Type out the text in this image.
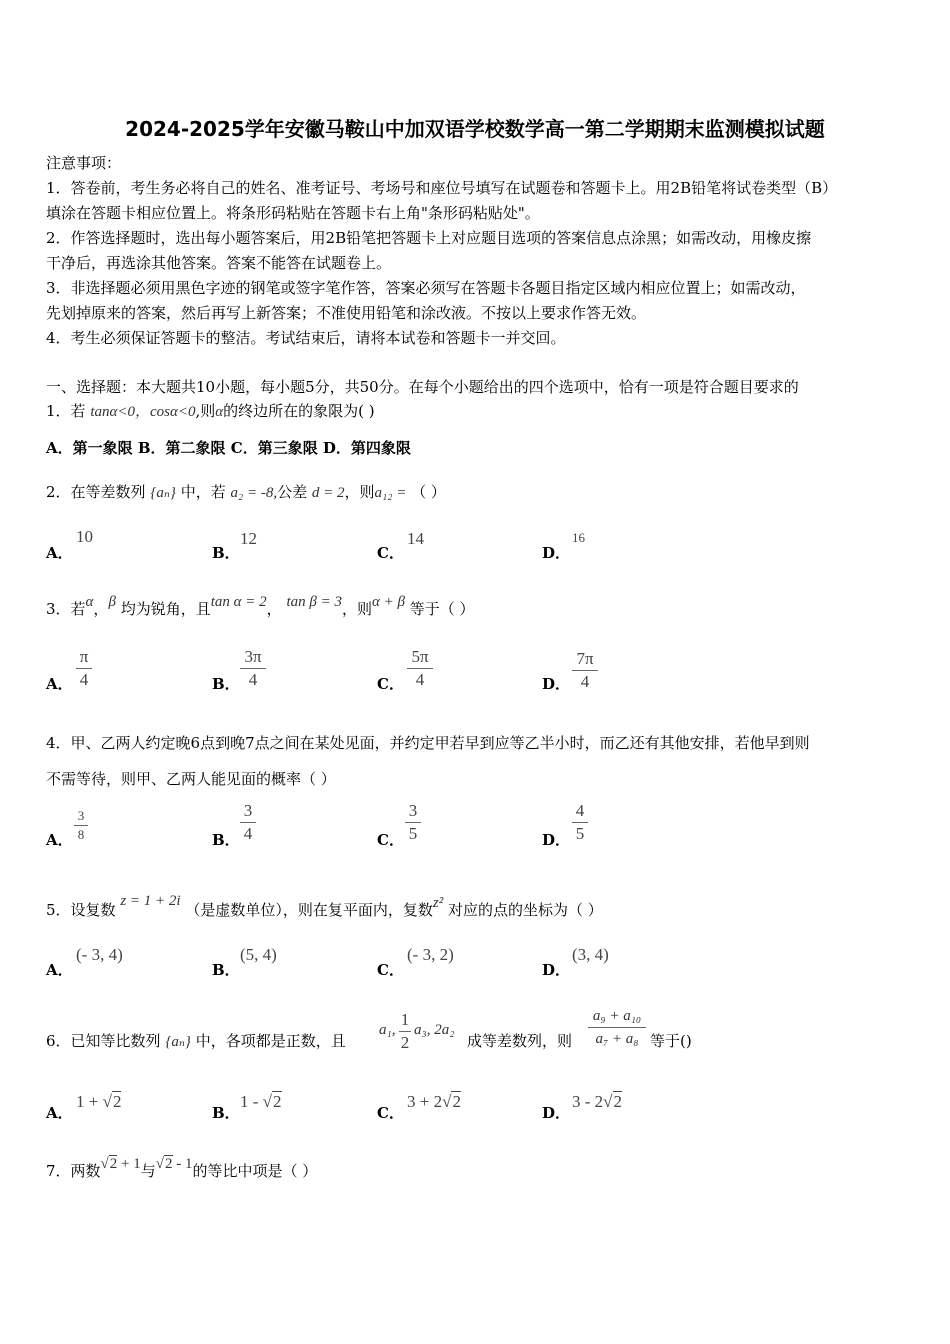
2024-2025学年安徽马鞍山中加双语学校数学高一第二学期期末监测模拟试题
注意事项：
1．答卷前，考生务必将自己的姓名、准考证号、考场号和座位号填写在试题卷和答题卡上。用2B铅笔将试卷类型（B）
填涂在答题卡相应位置上。将条形码粘贴在答题卡右上角"条形码粘贴处"。
2．作答选择题时，选出每小题答案后，用2B铅笔把答题卡上对应题目选项的答案信息点涂黑；如需改动，用橡皮擦
干净后，再选涂其他答案。答案不能答在试题卷上。
3．非选择题必须用黑色字迹的钢笔或签字笔作答，答案必须写在答题卡各题目指定区域内相应位置上；如需改动，
先划掉原来的答案，然后再写上新答案；不准使用铅笔和涂改液。不按以上要求作答无效。
4．考生必须保证答题卡的整洁。考试结束后，请将本试卷和答题卡一并交回。
一、选择题：本大题共10小题，每小题5分，共50分。在每个小题给出的四个选项中，恰有一项是符合题目要求的
1．若 tanα<0，cosα<0,则α的终边所在的象限为( )
A．第一象限 B．第二象限 C．第三象限 D．第四象限
2．在等差数列 {aₙ} 中，若 a₂ = -8,公差 d = 2，则a₁₂ = （ ）
A．
10
B．
12
C．
14
D．
16
3．若α，β 均为锐角，且tan α = 2， tan β = 3，则α + β 等于（ ）
A．
π
4	B．
3π
4	C．
5π
4	D．
7π
4
4．甲、乙两人约定晚6点到晚7点之间在某处见面，并约定甲若早到应等乙半小时，而乙还有其他安排，若他早到则
不需等待，则甲、乙两人能见面的概率（ ）
A．
3
8	B．
3
4	C．
3
5	D．
4
5
5．设复数 z = 1 + 2i （是虚数单位），则在复平面内，复数z² 对应的点的坐标为（ ）
A．
(- 3, 4)
B．
(5, 4)
C．
(- 3, 2)
D．
(3, 4)
6．已知等比数列 {aₙ} 中，各项都是正数，且
a₁,
1
2
a₃, 2a₂
成等差数列，则
a₉ + a₁₀
a₇ + a₈ 等于()
A．
1 + √2
B．
1 - √2
C．
3 + 2√2
D．
3 - 2√2
7．两数√2 + 1与√2 - 1的等比中项是（ ）
